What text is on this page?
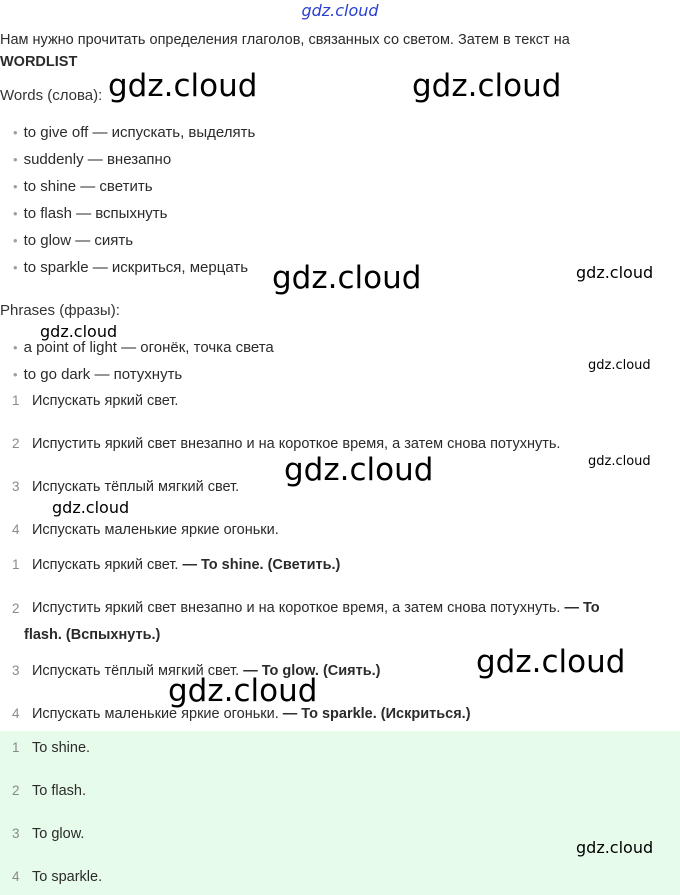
gdz.cloud
Нам нужно прочитать определения глаголов, связанных со светом. Затем в текст на
WORDLIST
Words (слова):
• to give off — испускать, выделять
• suddenly — внезапно
• to shine — светить
• to flash — вспыхнуть
• to glow — сиять
• to sparkle — искриться, мерцать
Phrases (фразы):
• a point of light — огонёк, точка света
• to go dark — потухнуть
1 Испускать яркий свет.
2 Испустить яркий свет внезапно и на короткое время, а затем снова потухнуть.
3 Испускать тёплый мягкий свет.
4 Испускать маленькие яркие огоньки.
1 Испускать яркий свет. — To shine. (Светить.)
2 Испустить яркий свет внезапно и на короткое время, а затем снова потухнуть. — To
flash. (Вспыхнуть.)
3 Испускать тёплый мягкий свет. — To glow. (Сиять.)
4 Испускать маленькие яркие огоньки. — To sparkle. (Искриться.)
1 To shine.
2 To flash.
3 To glow.
4 To sparkle.
gdz.cloud	gdz.cloud
gdz.cloud	gdz.cloud
gdz.cloud
gdz.cloud
gdz.cloud	gdz.cloud
gdz.cloud
gdz.cloud
gdz.cloud
gdz.cloud
